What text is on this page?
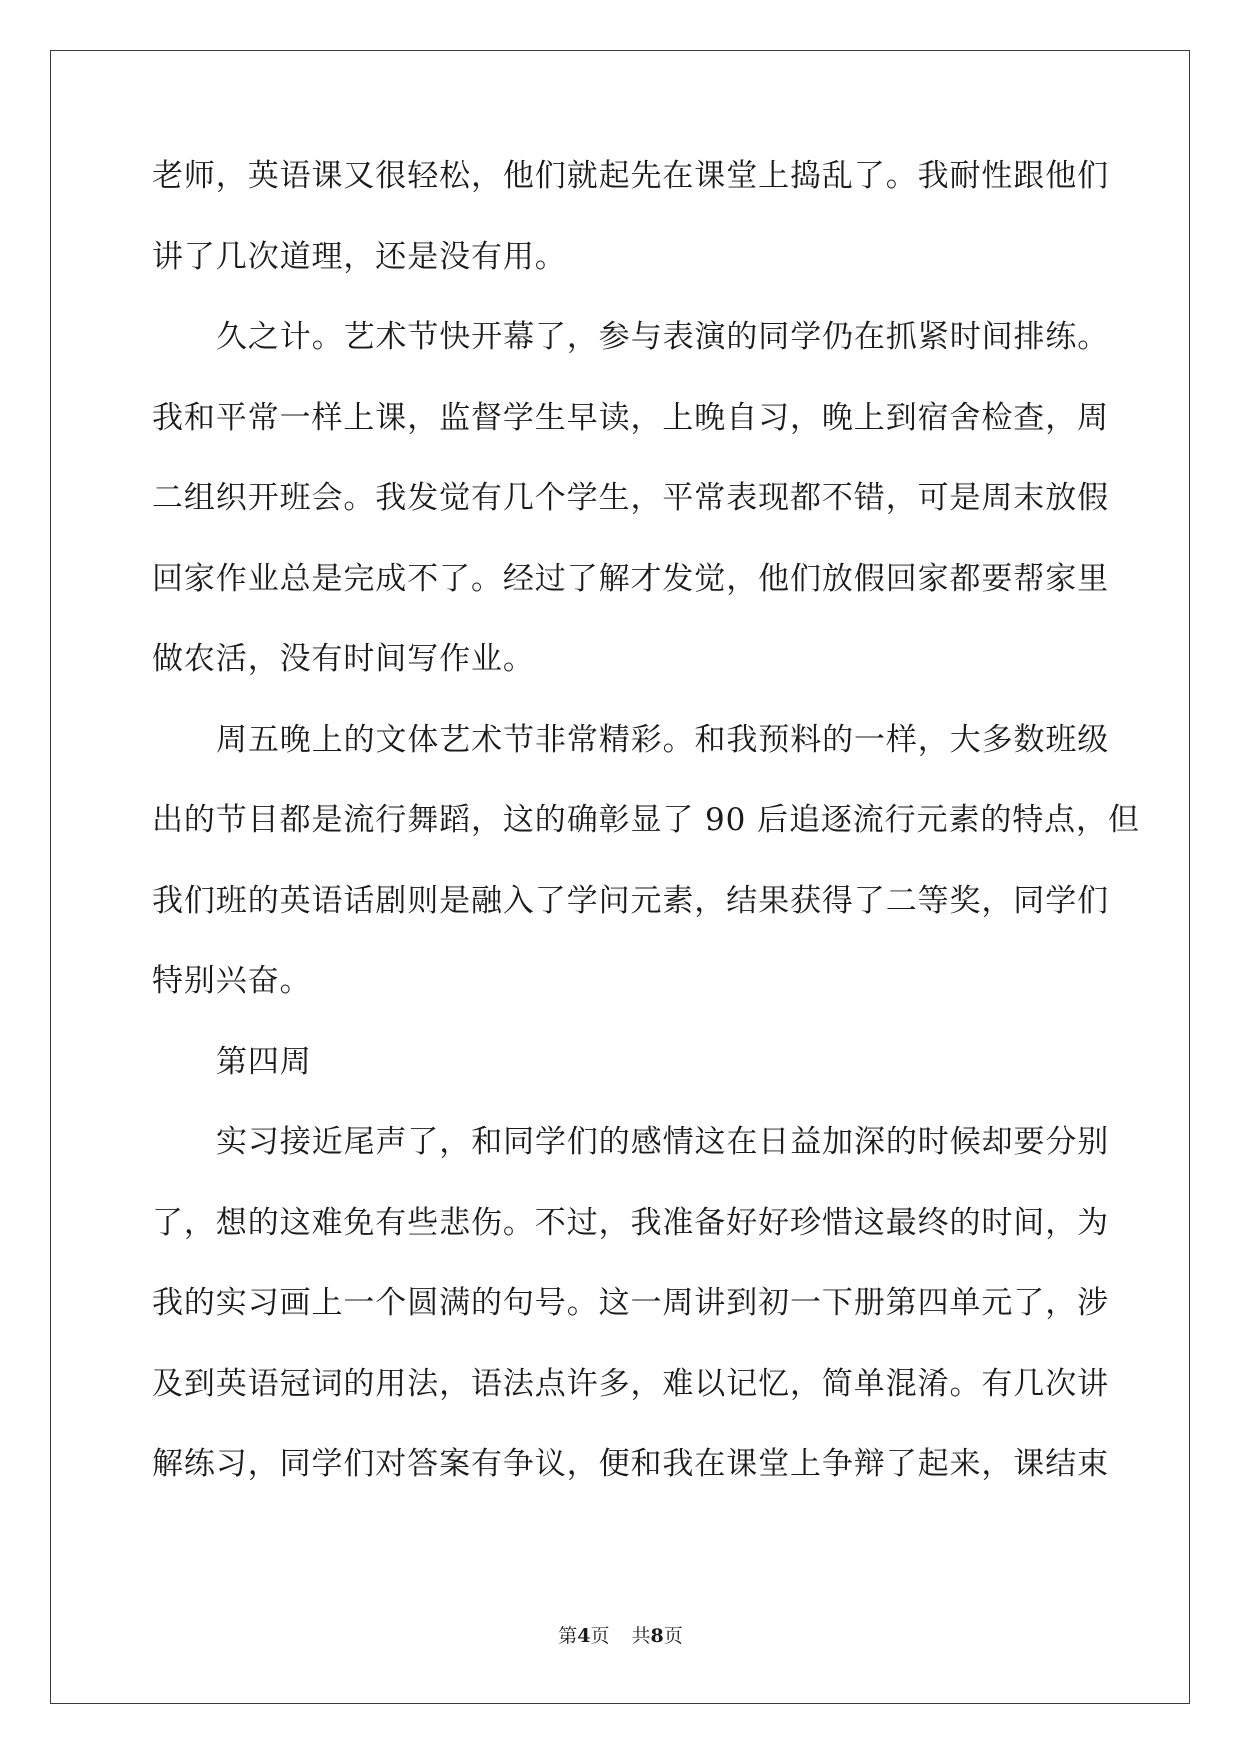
老师，英语课又很轻松，他们就起先在课堂上捣乱了。我耐性跟他们
讲了几次道理，还是没有用。
久之计。艺术节快开幕了，参与表演的同学仍在抓紧时间排练。
我和平常一样上课，监督学生早读，上晚自习，晚上到宿舍检查，周
二组织开班会。我发觉有几个学生，平常表现都不错，可是周末放假
回家作业总是完成不了。经过了解才发觉，他们放假回家都要帮家里
做农活，没有时间写作业。
周五晚上的文体艺术节非常精彩。和我预料的一样，大多数班级
出的节目都是流行舞蹈，这的确彰显了 90 后追逐流行元素的特点，但
我们班的英语话剧则是融入了学问元素，结果获得了二等奖，同学们
特别兴奋。
第四周
实习接近尾声了，和同学们的感情这在日益加深的时候却要分别
了，想的这难免有些悲伤。不过，我准备好好珍惜这最终的时间，为
我的实习画上一个圆满的句号。这一周讲到初一下册第四单元了，涉
及到英语冠词的用法，语法点许多，难以记忆，简单混淆。有几次讲
解练习，同学们对答案有争议，便和我在课堂上争辩了起来，课结束
第4页 共8页
